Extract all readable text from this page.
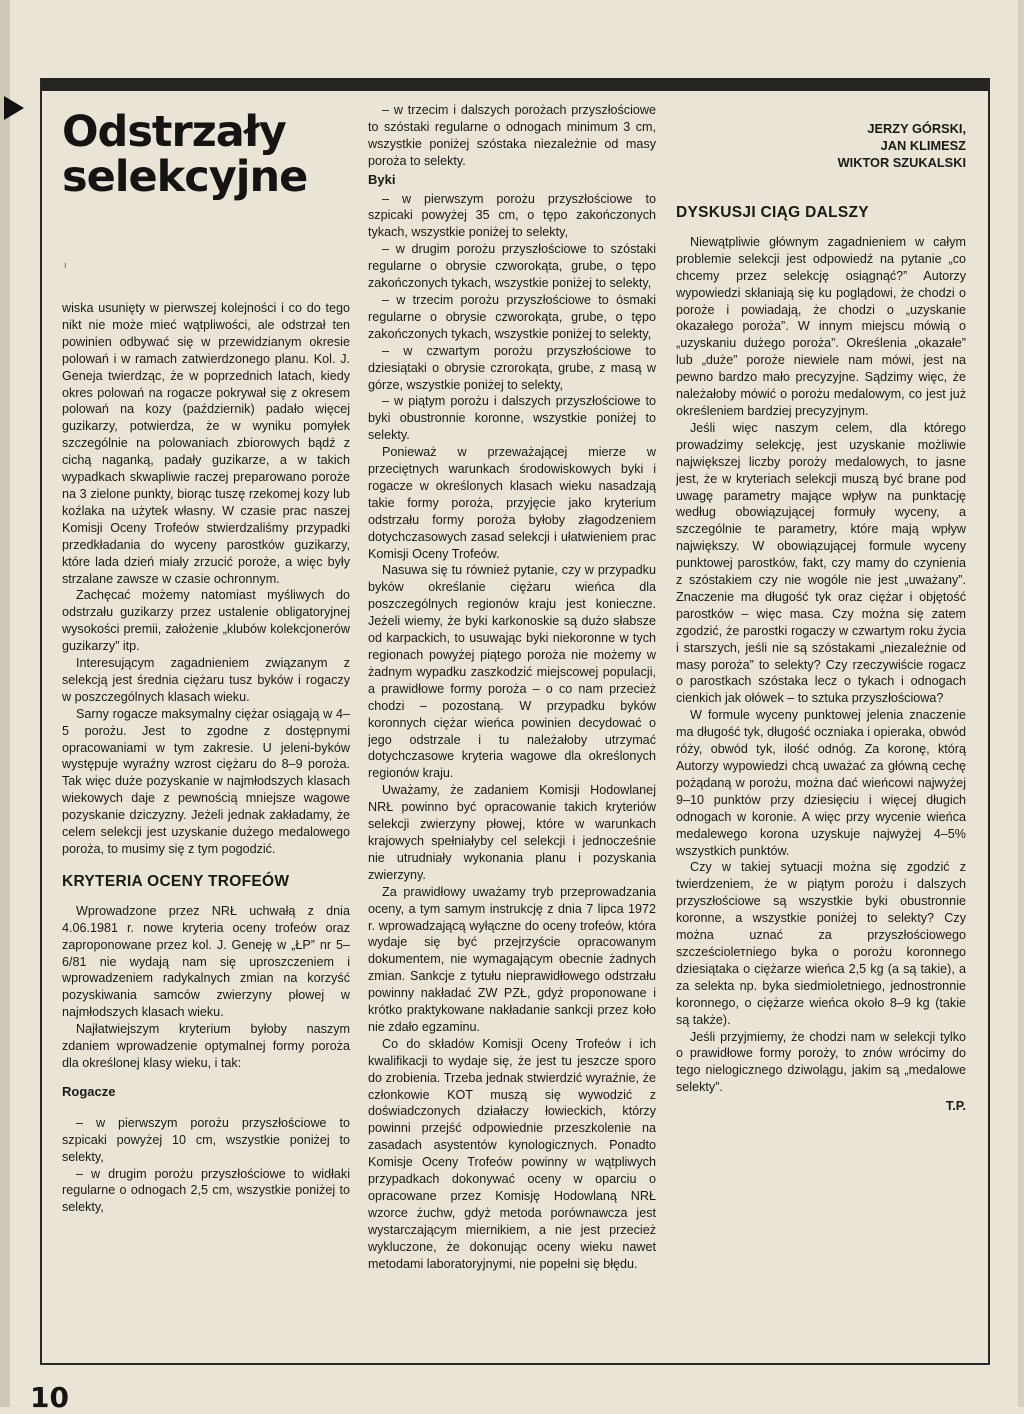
Odstrzały
selekcyjne

wiska usunięty w pierwszej kolejności i co do tego nikt nie może mieć wątpliwości, ale odstrzał ten powinien odbywać się w przewidzianym okresie polowań i w ramach zatwierdzonego planu. Kol. J. Geneja twierdząc, że w poprzednich latach, kiedy okres polowań na rogacze pokrywał się z okresem polowań na kozy (październik) padało więcej guzikarzy, potwierdza, że w wyniku pomyłek szczególnie na polowaniach zbiorowych bądź z cichą naganką, padały guzikarze, a w takich wypadkach skwapliwie raczej preparowano poroże na 3 zielone punkty, biorąc tuszę rzekomej kozy lub koźlaka na użytek własny. W czasie prac naszej Komisji Oceny Trofeów stwierdzaliśmy przypadki przedkładania do wyceny parostków guzikarzy, które lada dzień miały zrzucić poroże, a więc były strzalane zawsze w czasie ochronnym.

Zachęcać możemy natomiast myśliwych do odstrzału guzikarzy przez ustalenie obligatoryjnej wysokości premii, założenie „klubów kolekcjonerów guzikarzy” itp.

Interesującym zagadnieniem związanym z selekcją jest średnia ciężaru tusz byków i rogaczy w poszczególnych klasach wieku.

Sarny rogacze maksymalny ciężar osiągają w 4–5 porożu. Jest to zgodne z dostępnymi opracowaniami w tym zakresie. U jeleni-byków występuje wyraźny wzrost ciężaru do 8–9 poroża. Tak więc duże pozyskanie w najmłodszych klasach wiekowych daje z pewnością mniejsze wagowe pozyskanie dziczyzny. Jeżeli jednak zakładamy, że celem selekcji jest uzyskanie dużego medalowego poroża, to musimy się z tym pogodzić.

KRYTERIA OCENY TROFEÓW

Wprowadzone przez NRŁ uchwałą z dnia 4.06.1981 r. nowe kryteria oceny trofeów oraz zaproponowane przez kol. J. Geneję w „ŁP” nr 5–6/81 nie wydają nam się uproszczeniem i wprowadzeniem radykalnych zmian na korzyść pozyskiwania samców zwierzyny płowej w najmłodszych klasach wieku.

Najłatwiejszym kryterium byłoby naszym zdaniem wprowadzenie optymalnej formy poroża dla określonej klasy wieku, i tak:

Rogacze

– w pierwszym porożu przyszłościowe to szpicaki powyżej 10 cm, wszystkie poniżej to selekty,

– w drugim porożu przyszłościowe to widłaki regularne o odnogach 2,5 cm, wszystkie poniżej to selekty,

ı

– w trzecim i dalszych porożach przyszłościowe to szóstaki regularne o odnogach minimum 3 cm, wszystkie poniżej szóstaka niezależnie od masy poroża to selekty.

Byki

– w pierwszym porożu przyszłościowe to szpicaki powyżej 35 cm, o tępo zakończonych tykach, wszystkie poniżej to selekty,

– w drugim porożu przyszłościowe to szóstaki regularne o obrysie czworokąta, grube, o tępo zakończonych tykach, wszystkie poniżej to selekty,

– w trzecim porożu przyszłościowe to ósmaki regularne o obrysie czworokąta, grube, o tępo zakończonych tykach, wszystkie poniżej to selekty,

– w czwartym porożu przyszłościowe to dziesiątaki o obrysie czrorokąta, grube, z masą w górze, wszystkie poniżej to selekty,

– w piątym porożu i dalszych przyszłościowe to byki obustronnie koronne, wszystkie poniżej to selekty.

Ponieważ w przeważającej mierze w przeciętnych warunkach środowiskowych byki i rogacze w określonych klasach wieku nasadzają takie formy poroża, przyjęcie jako kryterium odstrzału formy poroża byłoby złagodzeniem dotychczasowych zasad selekcji i ułatwieniem prac Komisji Oceny Trofeów.

Nasuwa się tu również pytanie, czy w przypadku byków określanie ciężaru wieńca dla poszczególnych regionów kraju jest konieczne. Jeżeli wiemy, że byki karkonoskie są dużo słabsze od karpackich, to usuwając byki niekoronne w tych regionach powyżej piątego poroża nie możemy w żadnym wypadku zaszkodzić miejscowej populacji, a prawidłowe formy poroża – o co nam przecież chodzi – pozostaną. W przypadku byków koronnych ciężar wieńca powinien decydować o jego odstrzale i tu należałoby utrzymać dotychczasowe kryteria wagowe dla określonych regionów kraju.

Uważamy, że zadaniem Komisji Hodowlanej NRŁ powinno być opracowanie takich kryteriów selekcji zwierzyny płowej, które w warunkach krajowych spełniałyby cel selekcji i jednocześnie nie utrudniały wykonania planu i pozyskania zwierzyny.

Za prawidłowy uważamy tryb przeprowadzania oceny, a tym samym instrukcję z dnia 7 lipca 1972 r. wprowadzającą wyłączne do oceny trofeów, która wydaje się być przejrzyście opracowanym dokumentem, nie wymagającym obecnie żadnych zmian. Sankcje z tytułu nieprawidłowego odstrzału powinny nakładać ZW PZŁ, gdyż proponowane i krótko praktykowane nakładanie sankcji przez koło nie zdało egzaminu.

Co do składów Komisji Oceny Trofeów i ich kwalifikacji to wydaje się, że jest tu jeszcze sporo do zrobienia. Trzeba jednak stwierdzić wyraźnie, że członkowie KOT muszą się wywodzić z doświadczonych działaczy łowieckich, którzy powinni przejść odpowiednie przeszkolenie na zasadach asystentów kynologicznych. Ponadto Komisje Oceny Trofeów powinny w wątpliwych przypadkach dokonywać oceny w oparciu o opracowane przez Komisję Hodowlaną NRŁ wzorce żuchw, gdyż metoda porównawcza jest wystarczającym miernikiem, a nie jest przecież wykluczone, że dokonując oceny wieku nawet metodami laboratoryjnymi, nie popełni się błędu.

JERZY GÓRSKI,
JAN KLIMESZ
WIKTOR SZUKALSKI
DYSKUSJI CIĄG DALSZY

Niewątpliwie głównym zagadnieniem w całym problemie selekcji jest odpowiedź na pytanie „co chcemy przez selekcję osiągnąć?” Autorzy wypowiedzi skłaniają się ku poglądowi, że chodzi o poroże i powiadają, że chodzi o „uzyskanie okazałego poroża”. W innym miejscu mówią o „uzyskaniu dużego poroża”. Określenia „okazałe” lub „duże” poroże niewiele nam mówi, jest na pewno bardzo mało precyzyjne. Sądzimy więc, że należałoby mówić o porożu medalowym, co jest już określeniem bardziej precyzyjnym.

Jeśli więc naszym celem, dla którego prowadzimy selekcję, jest uzyskanie możliwie największej liczby poroży medalowych, to jasne jest, że w kryteriach selekcji muszą być brane pod uwagę parametry mające wpływ na punktację według obowiązującej formuły wyceny, a szczególnie te parametry, które mają wpływ największy. W obowiązującej formule wyceny punktowej parostków, fakt, czy mamy do czynienia z szóstakiem czy nie wogóle nie jest „uważany”. Znaczenie ma długość tyk oraz ciężar i objętość parostków – więc masa. Czy można się zatem zgodzić, że parostki rogaczy w czwartym roku życia i starszych, jeśli nie są szóstakami „niezależnie od masy poroża” to selekty? Czy rzeczywiście rogacz o parostkach szóstaka lecz o tykach i odnogach cienkich jak ołówek – to sztuka przyszłościowa?

W formule wyceny punktowej jelenia znaczenie ma długość tyk, długość oczniaka i opieraka, obwód róży, obwód tyk, ilość odnóg. Za koronę, którą Autorzy wypowiedzi chcą uważać za główną cechę pożądaną w porożu, można dać wieńcowi najwyżej 9–10 punktów przy dziesięciu i więcej długich odnogach w koronie. A więc przy wycenie wieńca medalewego korona uzyskuje najwyżej 4–5% wszystkich punktów.

Czy w takiej sytuacji można się zgodzić z twierdzeniem, że w piątym porożu i dalszych przyszłościowe są wszystkie byki obustronnie koronne, a wszystkie poniżej to selekty? Czy można uznać za przyszłościowego szcześciolетniego byka o porożu koronnego dziesiątaka o ciężarze wieńca 2,5 kg (a są takie), a za selekta np. byka siedmioletniego, jednostronnie koronnego, o ciężarze wieńca około 8–9 kg (takie są także).

Jeśli przyjmiemy, że chodzi nam w selekcji tylko o prawidłowe formy poroży, to znów wrócimy do tego nielogicznego dziwolągu, jakim są „medalowe selekty”.

T.P.
10
